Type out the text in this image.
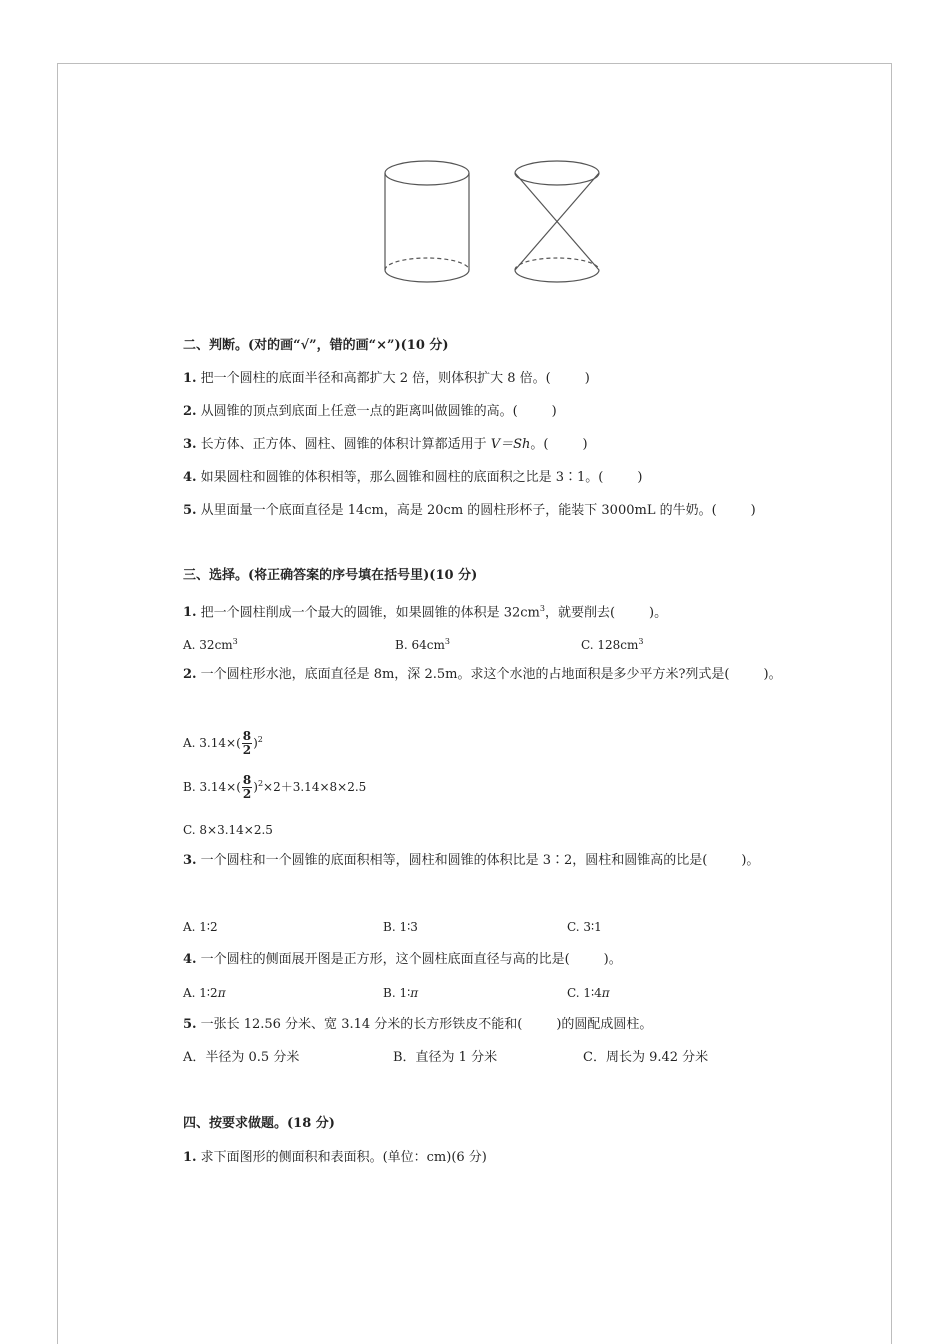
二、判断。(对的画“√”，错的画“×”)(10 分)
1. 把一个圆柱的底面半径和高都扩大 2 倍，则体积扩大 8 倍。(	)
2. 从圆锥的顶点到底面上任意一点的距离叫做圆锥的高。(	)
3. 长方体、正方体、圆柱、圆锥的体积计算都适用于 V＝Sh。(	)
4. 如果圆柱和圆锥的体积相等，那么圆锥和圆柱的底面积之比是 3∶1。(	)
5. 从里面量一个底面直径是 14cm，高是 20cm 的圆柱形杯子，能装下 3000mL 的牛奶。(	)
三、选择。(将正确答案的序号填在括号里)(10 分)
1. 把一个圆柱削成一个最大的圆锥，如果圆锥的体积是 $32cm^3$，就要削去(	)。
A. $32cm^3$	B. $64cm^3$	C. $128cm^3$
2. 一个圆柱形水池，底面直径是 8m，深 2.5m。求这个水池的占地面积是多少平方米?列式是(	)。
A. $3.14\times( \frac{8}{2} )^2$
B. $3.14\times( \frac{8}{2} )^2\times 2+3.14\times 8\times 2.5$
C. 8×3.14×2.5
3. 一个圆柱和一个圆锥的底面积相等，圆柱和圆锥的体积比是 3∶2，圆柱和圆锥高的比是(	)。
A. 1∶2	B. 1∶3	C. 3∶1
4. 一个圆柱的侧面展开图是正方形，这个圆柱底面直径与高的比是(	)。
A. 1∶2π	B. 1∶π	C. 1∶4π
5. 一张长 12.56 分米、宽 3.14 分米的长方形铁皮不能和(	)的圆配成圆柱。
A．半径为 0.5 分米	B．直径为 1 分米	C．周长为 9.42 分米
四、按要求做题。(18 分)
1. 求下面图形的侧面积和表面积。(单位：cm)(6 分)
